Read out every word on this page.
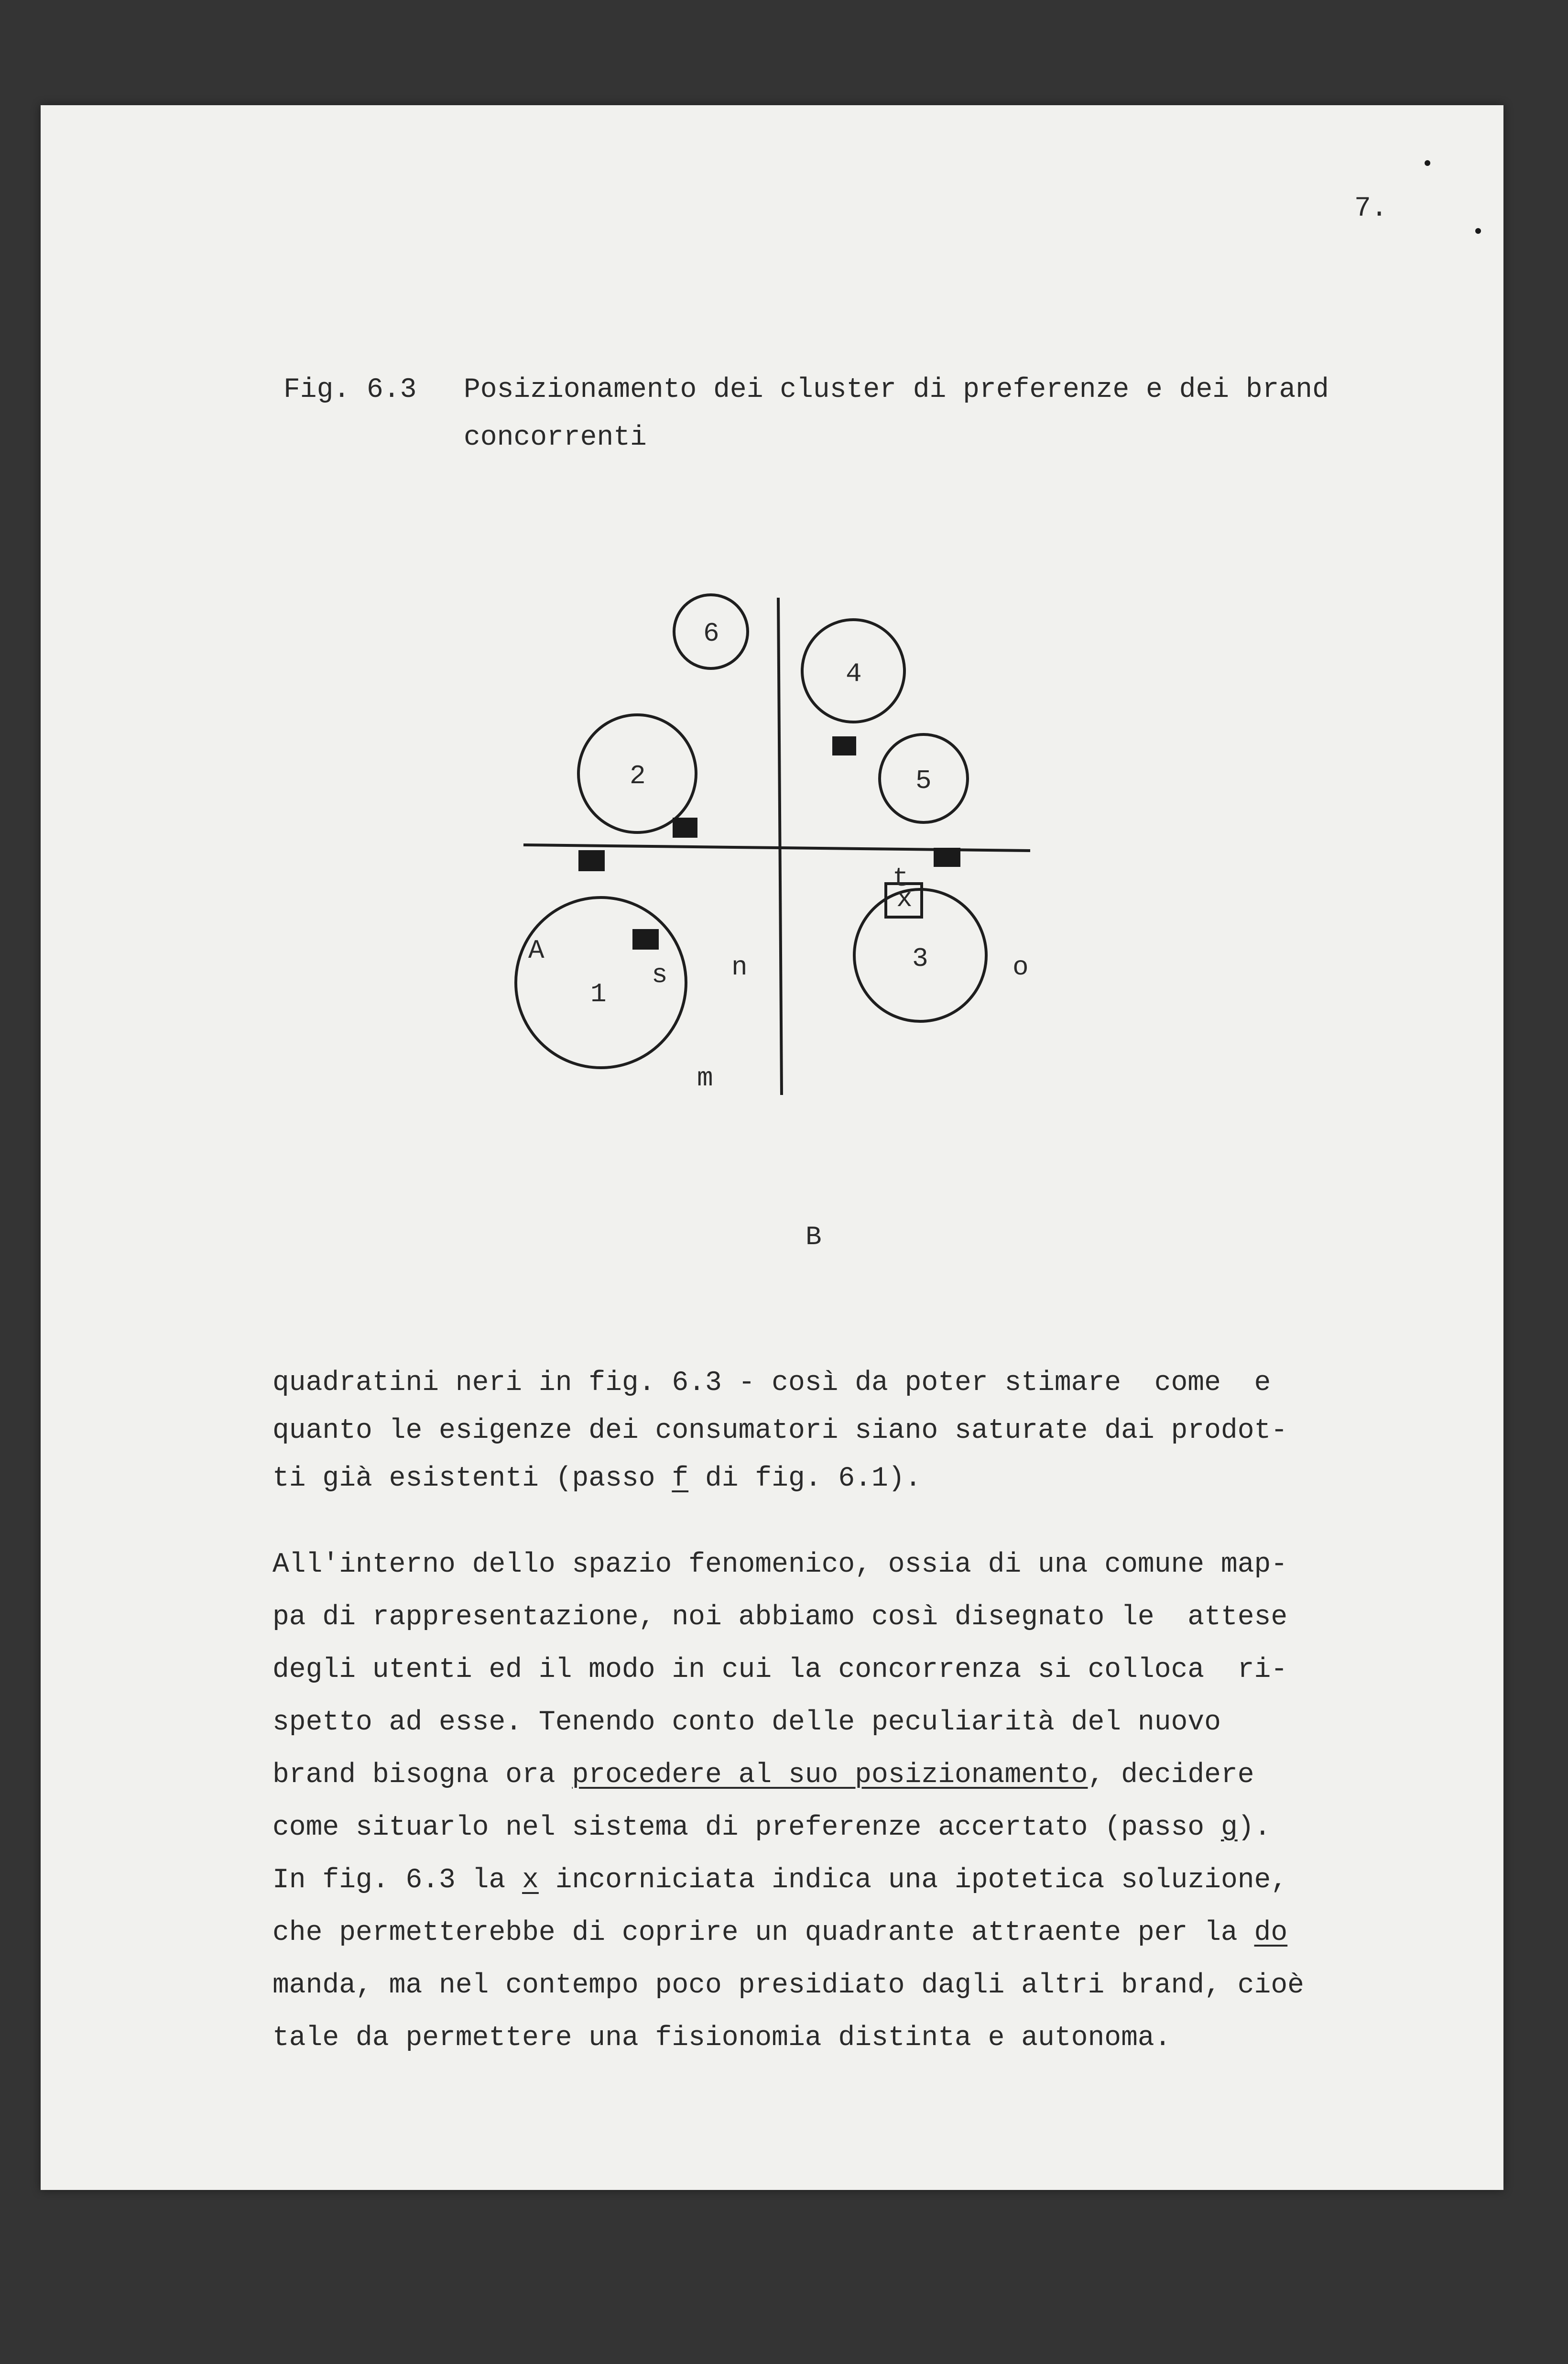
7.
Fig. 6.3 Posizionamento dei cluster di preferenze e dei brand
concorrenti
6
4
2	5
1
3
t
n
s	o
m
x
A
B
quadratini neri in fig. 6.3 - così da poter stimare  come  e
quanto le esigenze dei consumatori siano saturate dai prodot-
ti già esistenti (passo f di fig. 6.1).
All'interno dello spazio fenomenico, ossia di una comune map-
pa di rappresentazione, noi abbiamo così disegnato le  attese
degli utenti ed il modo in cui la concorrenza si colloca  ri-
spetto ad esse. Tenendo conto delle peculiarità del nuovo
brand bisogna ora procedere al suo posizionamento, decidere
come situarlo nel sistema di preferenze accertato (passo g).
In fig. 6.3 la x incorniciata indica una ipotetica soluzione,
che permetterebbe di coprire un quadrante attraente per la do
manda, ma nel contempo poco presidiato dagli altri brand, cioè
tale da permettere una fisionomia distinta e autonoma.
